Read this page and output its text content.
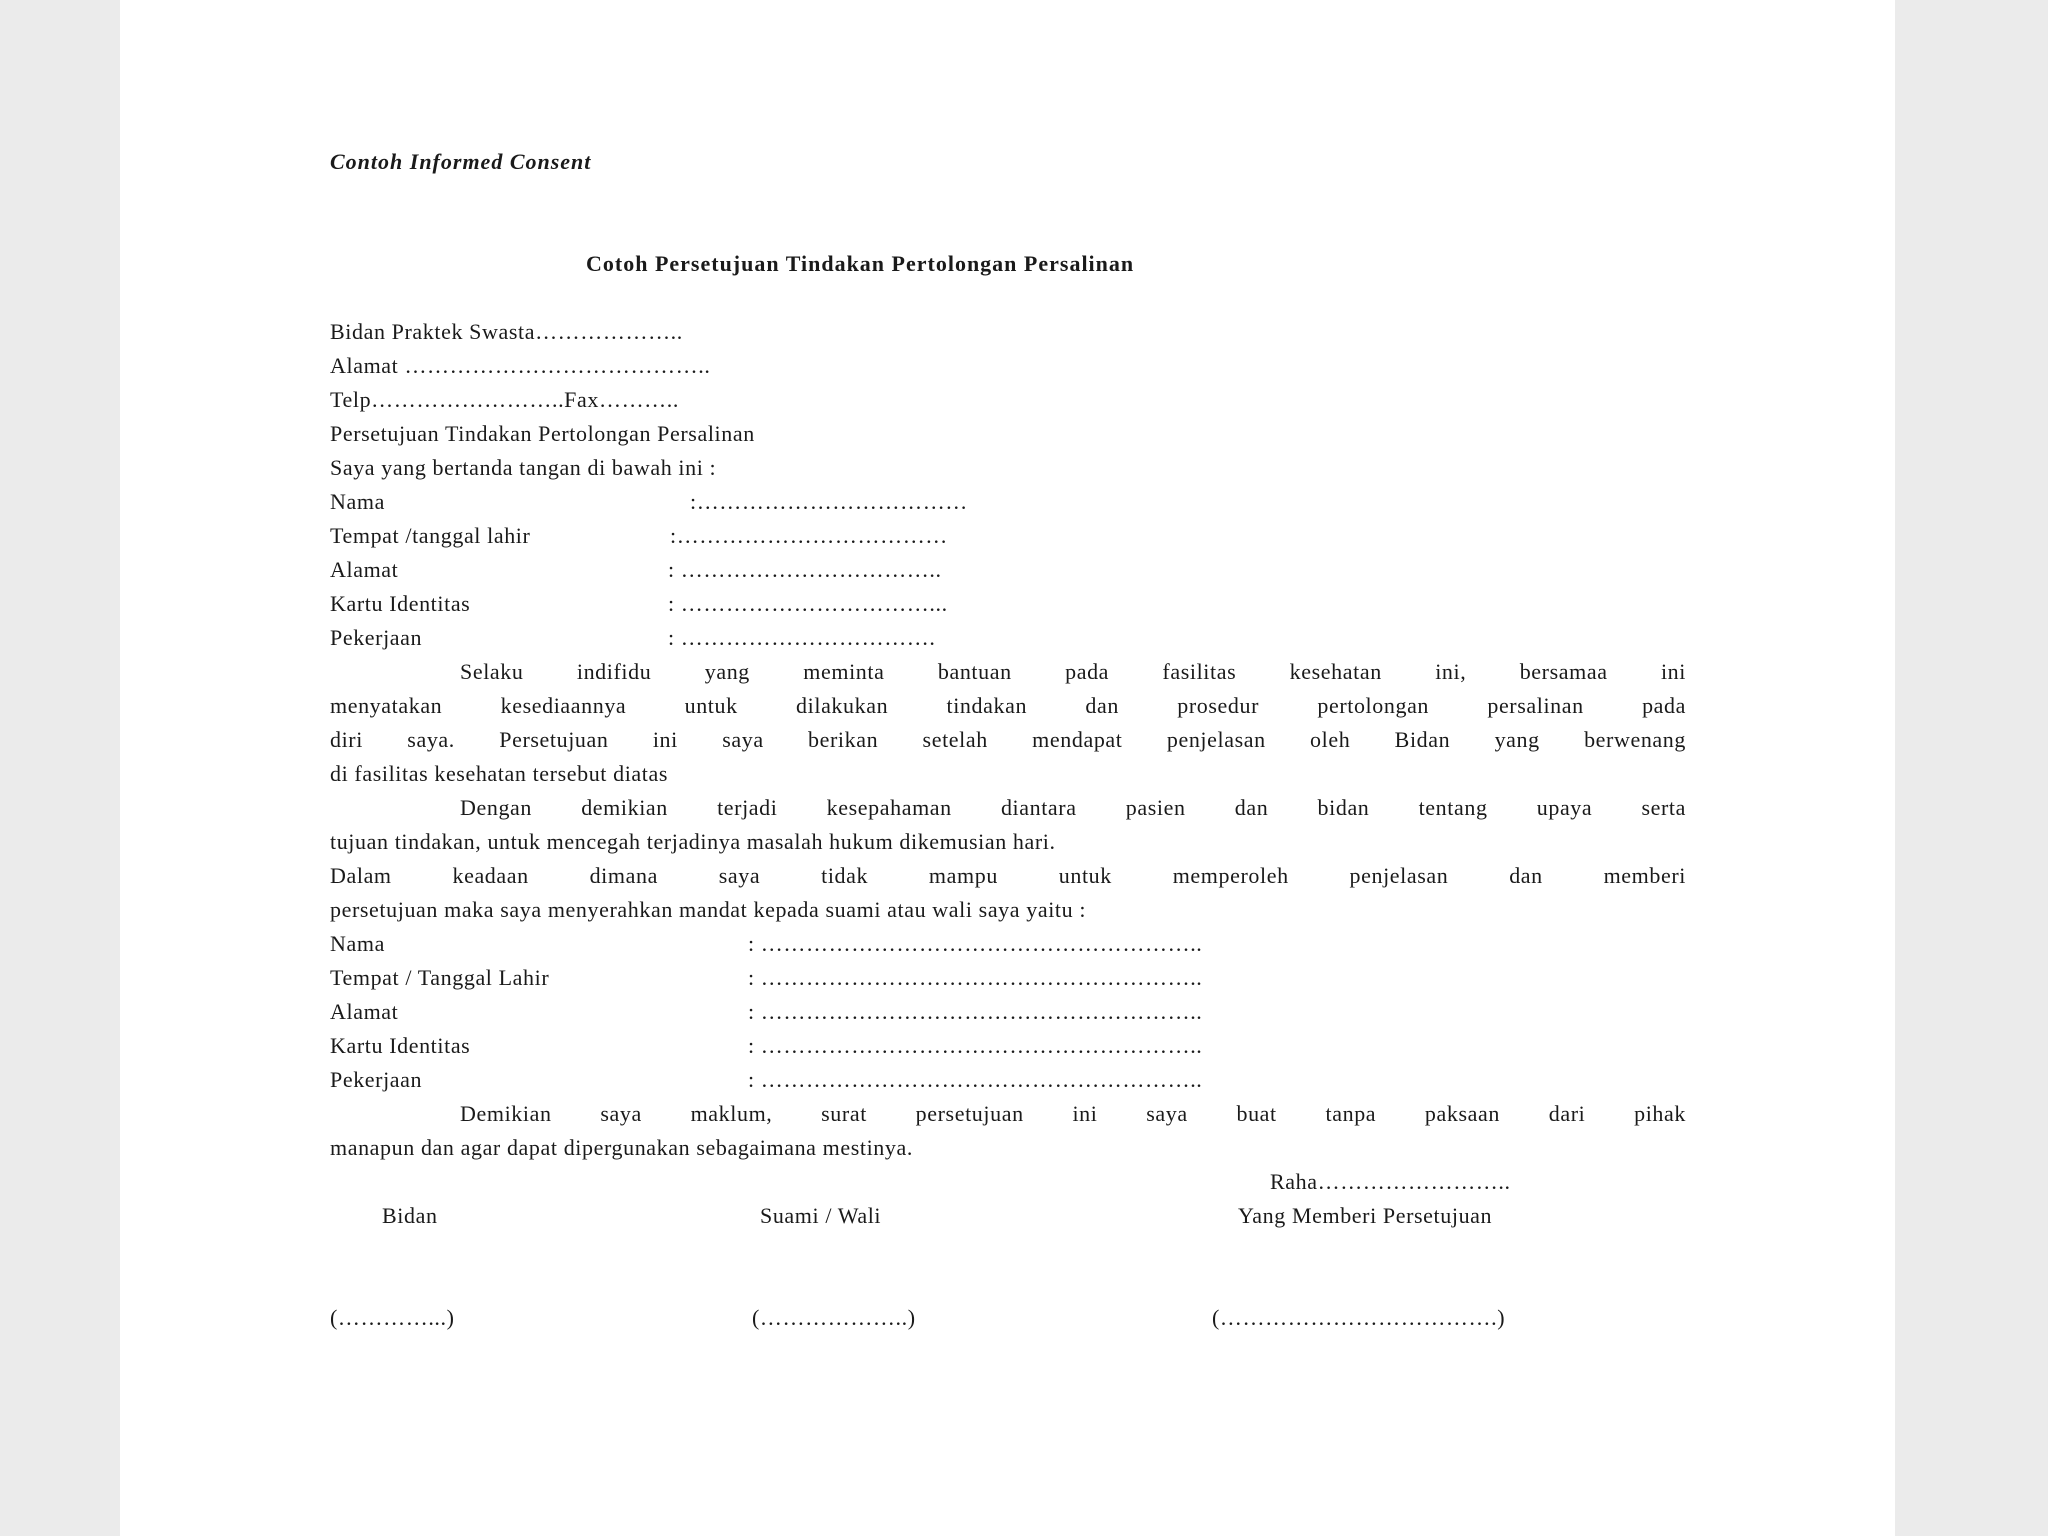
Contoh Informed Consent
Cotoh Persetujuan Tindakan Pertolongan Persalinan
Bidan Praktek Swasta………………..
Alamat …………………………………..
Telp……………………..Fax………..
Persetujuan Tindakan Pertolongan Persalinan
Saya yang bertanda tangan di bawah ini :
Nama	:………………………………
Tempat /tanggal lahir	:………………………………
Alamat	: ……………………………..
Kartu Identitas	: ……………………………...
Pekerjaan	: …………………………….
Selaku indifidu yang meminta bantuan pada fasilitas kesehatan ini, bersamaa ini
menyatakan kesediaannya untuk dilakukan tindakan dan prosedur pertolongan persalinan pada
diri saya. Persetujuan ini saya berikan setelah mendapat penjelasan oleh Bidan yang berwenang
di fasilitas kesehatan tersebut diatas
Dengan demikian terjadi kesepahaman diantara pasien dan bidan tentang upaya serta
tujuan tindakan, untuk mencegah terjadinya masalah hukum dikemusian hari.
Dalam keadaan dimana saya tidak mampu untuk memperoleh penjelasan dan memberi
persetujuan maka saya menyerahkan mandat kepada suami atau wali saya yaitu :
Nama	: …………………………………………………..
Tempat / Tanggal Lahir	: …………………………………………………..
Alamat	: …………………………………………………..
Kartu Identitas	: …………………………………………………..
Pekerjaan	: …………………………………………………..
Demikian saya maklum, surat persetujuan ini saya buat tanpa paksaan dari pihak
manapun dan agar dapat dipergunakan sebagaimana mestinya.
Raha……………………..
Bidan	Suami / Wali	Yang Memberi Persetujuan
(…………...)	(………………..)	(……………………………….)
